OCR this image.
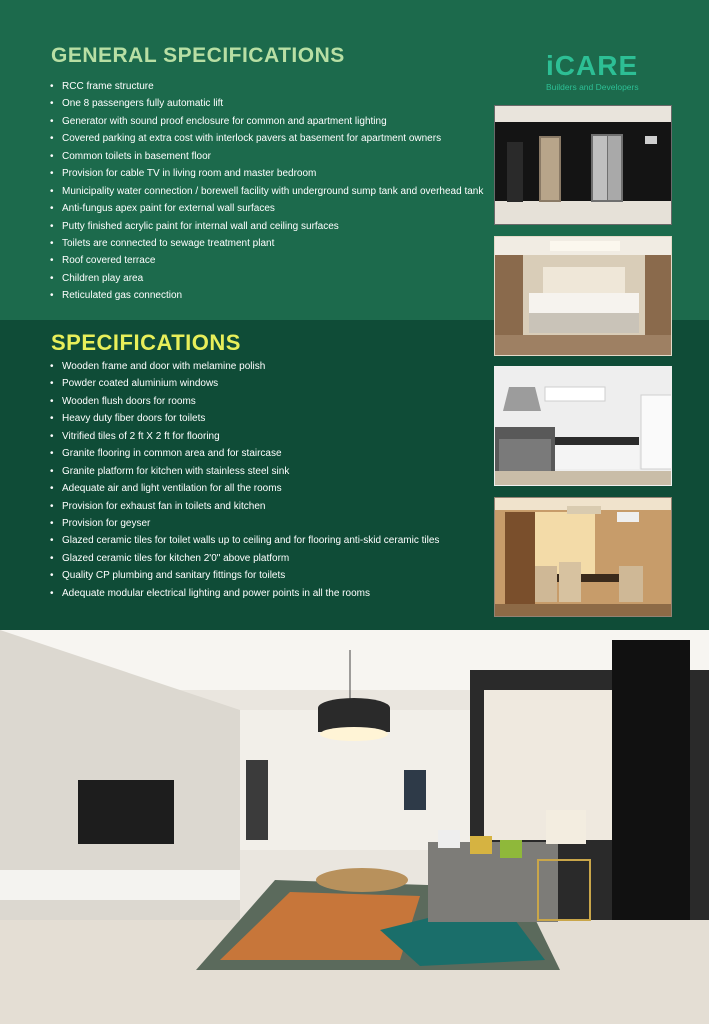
GENERAL SPECIFICATIONS
• RCC frame structure
• One 8 passengers fully automatic lift
• Generator with sound proof enclosure for common and apartment lighting
• Covered parking at extra cost with interlock pavers at basement for apartment owners
• Common toilets in basement floor
• Provision for cable TV in living room and master bedroom
• Municipality water connection / borewell facility with underground sump tank and overhead tank
• Anti-fungus apex paint for external wall surfaces
• Putty finished acrylic paint for internal wall and ceiling surfaces
• Toilets are connected to sewage treatment plant
• Roof covered terrace
• Children play area
• Reticulated gas connection
iCARE
Builders and Developers
SPECIFICATIONS
• Wooden frame and door with melamine polish
• Powder coated aluminium windows
• Wooden flush doors for rooms
• Heavy duty fiber doors for toilets
• Vitrified tiles of 2 ft X 2 ft for flooring
• Granite flooring in common area and for staircase
• Granite platform for kitchen with stainless steel sink
• Adequate air and light ventilation for all the rooms
• Provision for exhaust fan in toilets and kitchen
• Provision for geyser
• Glazed ceramic tiles for toilet walls up to ceiling and for flooring anti-skid ceramic tiles
• Glazed ceramic tiles for kitchen 2'0" above platform
• Quality CP plumbing and sanitary fittings for toilets
• Adequate modular electrical lighting and power points in all the rooms
